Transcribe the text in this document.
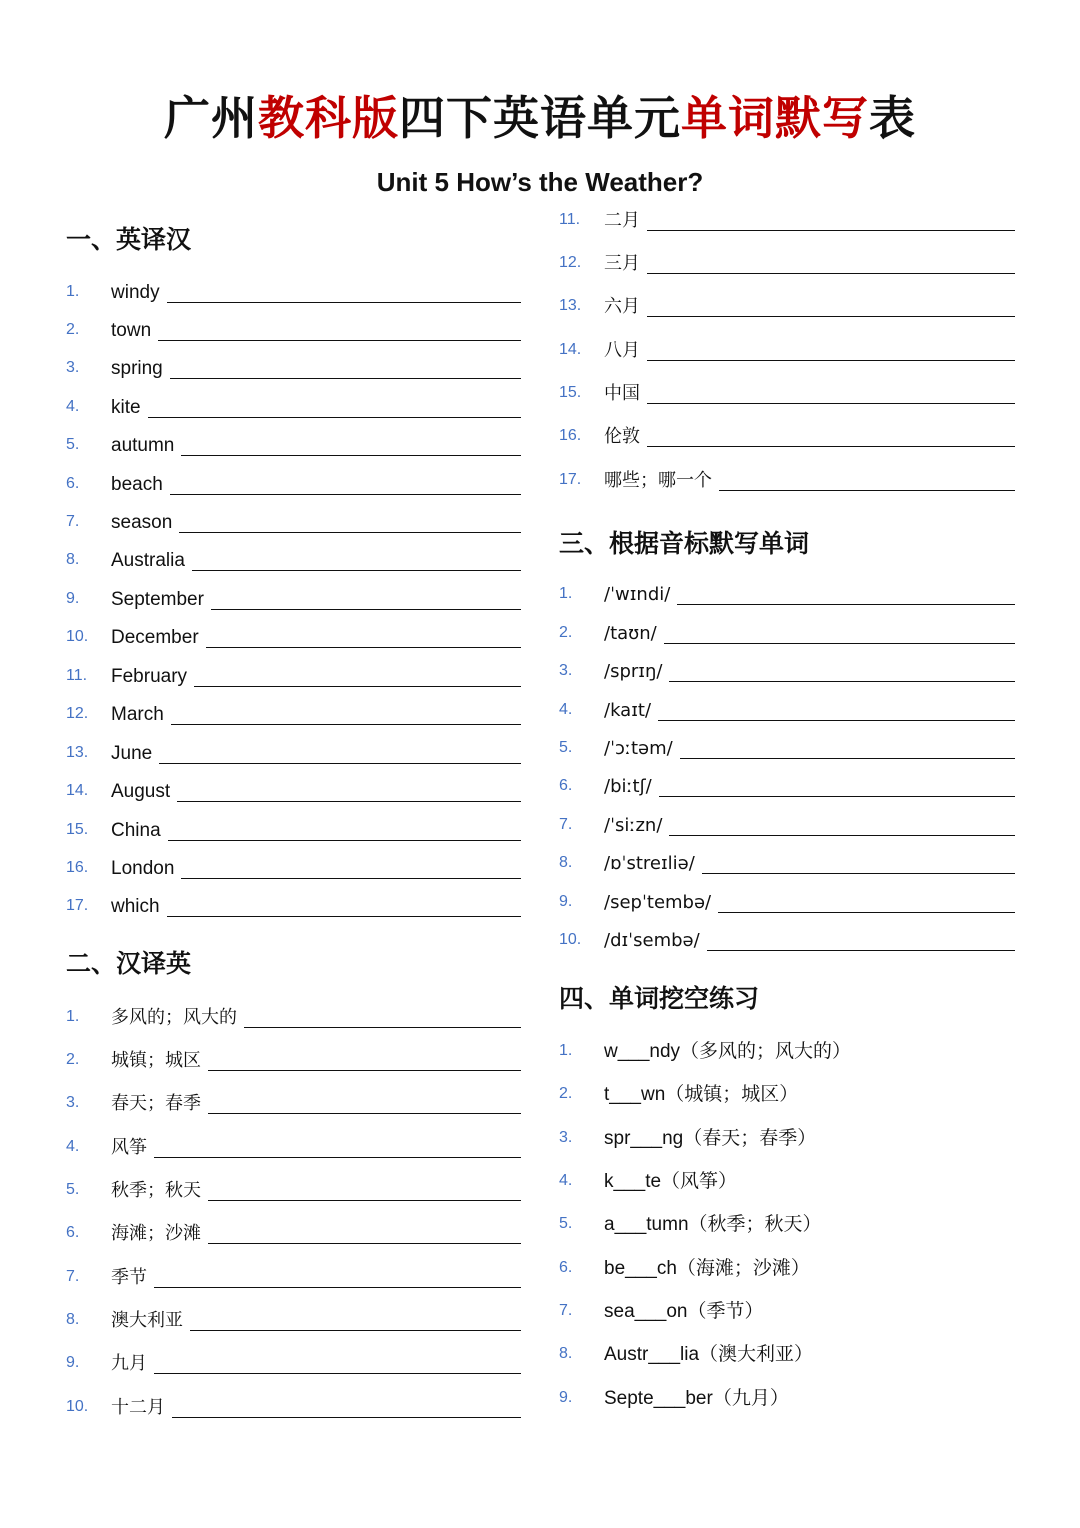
广州教科版四下英语单元单词默写表
Unit 5 How’s the Weather?
一、英译汉
1.	windy
2.	town
3.	spring
4.	kite
5.	autumn
6.	beach
7.	season
8.	Australia
9.	September
10.	December
11.	February
12.	March
13.	June
14.	August
15.	China
16.	London
17.	which
二、汉译英
1.	多风的；风大的
2.	城镇；城区
3.	春天；春季
4.	风筝
5.	秋季；秋天
6.	海滩；沙滩
7.	季节
8.	澳大利亚
9.	九月
10.	十二月
11.	二月
12.	三月
13.	六月
14.	八月
15.	中国
16.	伦敦
17.	哪些；哪一个
三、根据音标默写单词
1.	/ˈwɪndi/
2.	/taʊn/
3.	/sprɪŋ/
4.	/kaɪt/
5.	/ˈɔːtəm/
6.	/biːtʃ/
7.	/ˈsiːzn/
8.	/ɒˈstreɪliə/
9.	/sepˈtembə/
10.	/dɪˈsembə/
四、单词挖空练习
1.	w___ndy（多风的；风大的）
2.	t___wn（城镇；城区）
3.	spr___ng（春天；春季）
4.	k___te（风筝）
5.	a___tumn（秋季；秋天）
6.	be___ch（海滩；沙滩）
7.	sea___on（季节）
8.	Austr___lia（澳大利亚）
9.	Septe___ber（九月）
